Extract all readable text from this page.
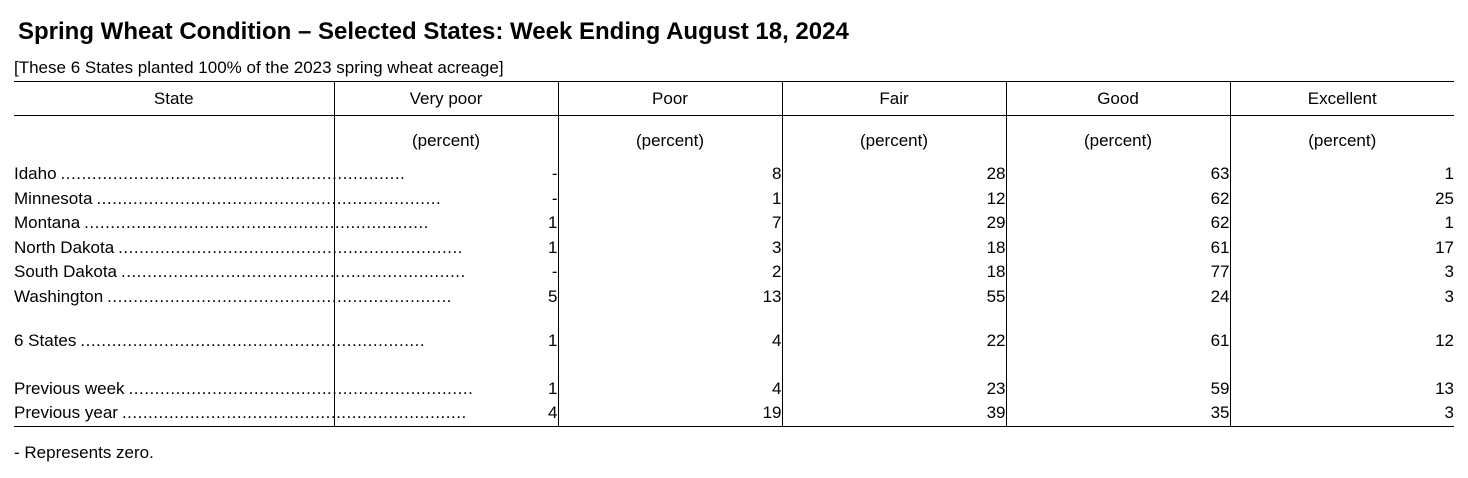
Spring Wheat Condition – Selected States: Week Ending August 18, 2024
[These 6 States planted 100% of the 2023 spring wheat acreage]
State	Very poor	Poor	Fair	Good	Excellent
	(percent)	(percent)	(percent)	(percent)	(percent)

Idaho ..................................................................	-	8	28	63	1

Minnesota ..................................................................	-	1	12	62	25

Montana ..................................................................	1	7	29	62	1

North Dakota ..................................................................	1	3	18	61	17

South Dakota ..................................................................	-	2	18	77	3

Washington ..................................................................	5	13	55	24	3

6 States ..................................................................	1	4	22	61	12

Previous week ..................................................................	1	4	23	59	13

Previous year ..................................................................	4	19	39	35	3
- Represents zero.
